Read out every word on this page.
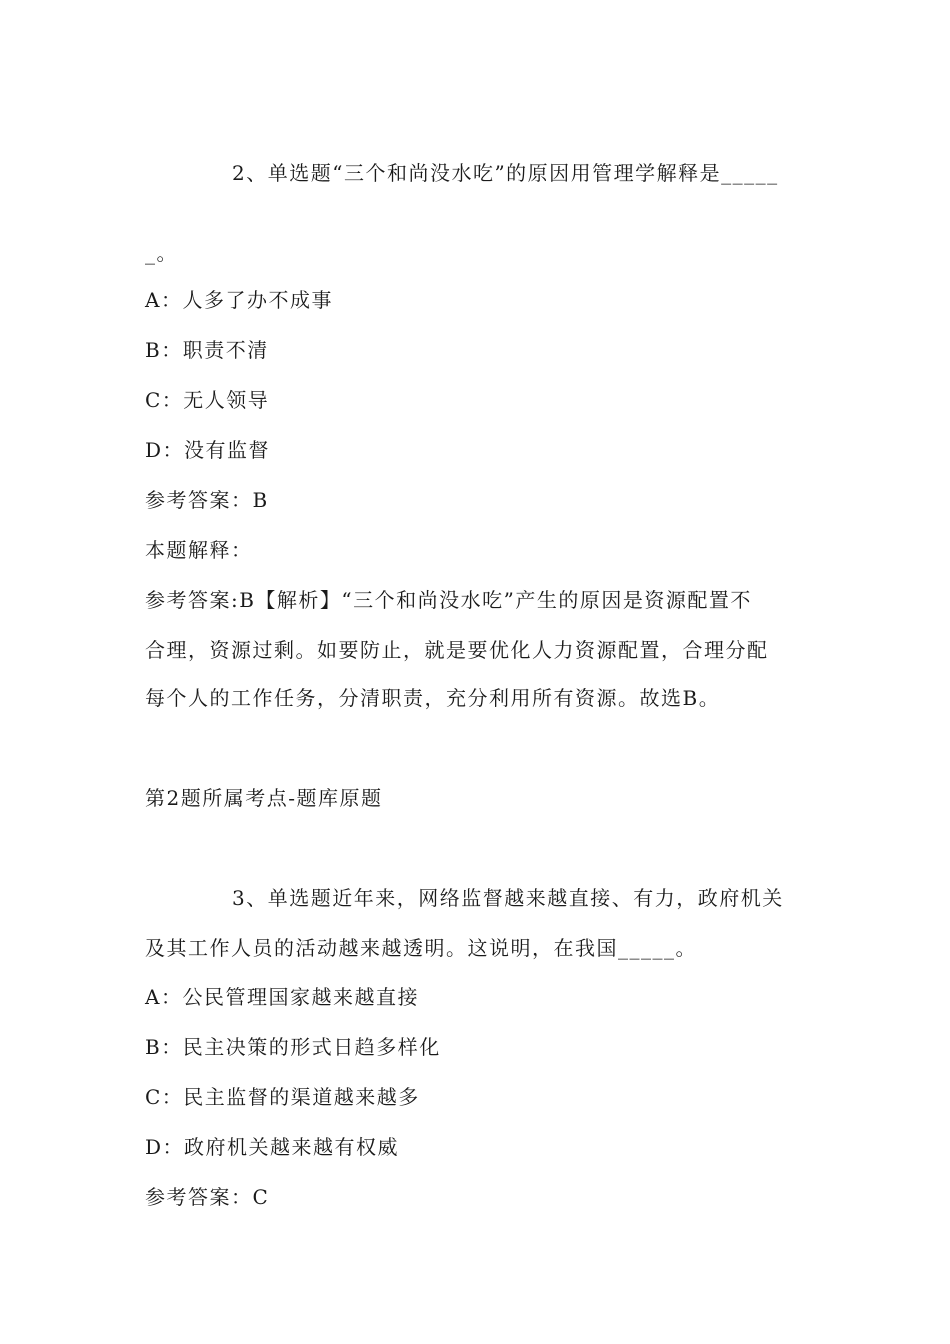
2、单选题“三个和尚没水吃”的原因用管理学解释是_____
_。
A：人多了办不成事
B：职责不清
C：无人领导
D：没有监督
参考答案：B
本题解释：
参考答案:B【解析】“三个和尚没水吃”产生的原因是资源配置不
合理，资源过剩。如要防止，就是要优化人力资源配置，合理分配
每个人的工作任务，分清职责，充分利用所有资源。故选B。
第2题所属考点-题库原题
3、单选题近年来，网络监督越来越直接、有力，政府机关
及其工作人员的活动越来越透明。这说明，在我国_____。
A：公民管理国家越来越直接
B：民主决策的形式日趋多样化
C：民主监督的渠道越来越多
D：政府机关越来越有权威
参考答案：C
